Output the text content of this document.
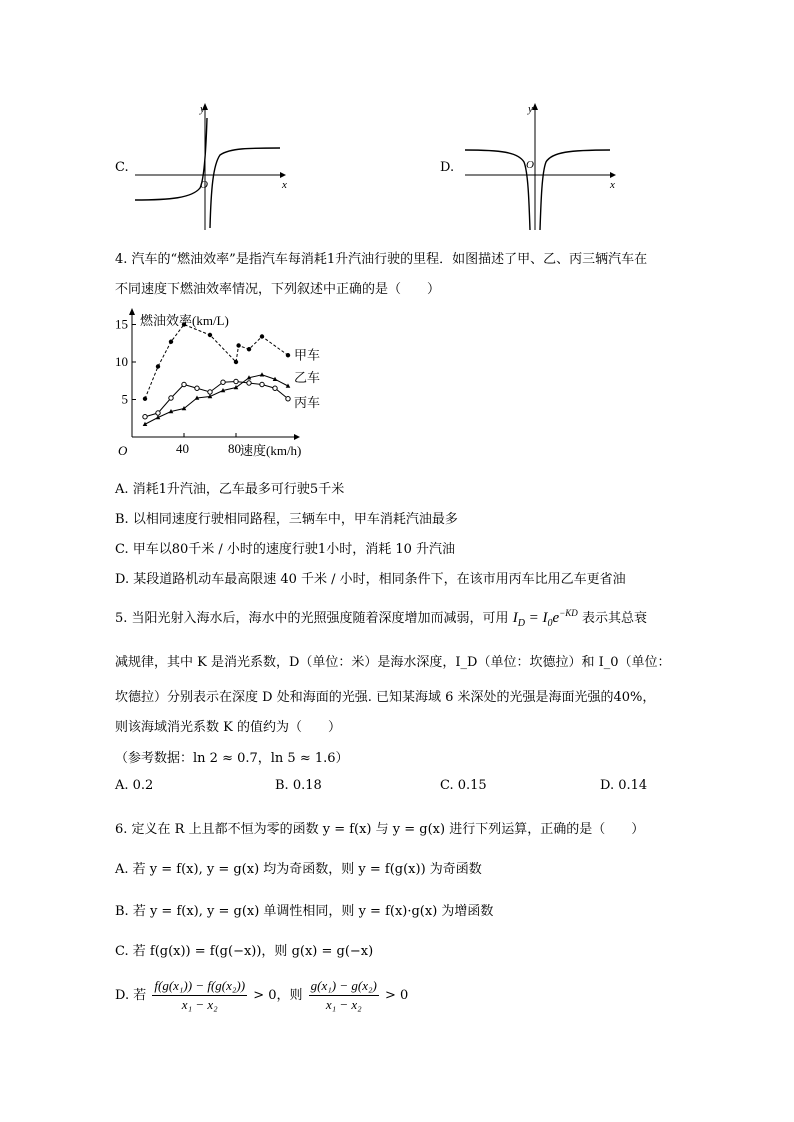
C.
y
x
O
D.
y
x
O
4. 汽车的“燃油效率”是指汽车每消耗1升汽油行驶的里程．如图描述了甲、乙、丙三辆汽车在
不同速度下燃油效率情况，下列叙述中正确的是（　　）
40	80
5
10
15
甲车
乙车
丙车
燃油效率(km/L)
速度(km/h)
O
A. 消耗1升汽油，乙车最多可行驶5千米
B. 以相同速度行驶相同路程，三辆车中，甲车消耗汽油最多
C. 甲车以80千米 / 小时的速度行驶1小时，消耗 10 升汽油
D. 某段道路机动车最高限速 40 千米 / 小时，相同条件下，在该市用丙车比用乙车更省油
5. 当阳光射入海水后，海水中的光照强度随着深度增加而减弱，可用 $I_D = I_0e^{-KD}$ 表示其总衰
减规律，其中 K 是消光系数，D（单位：米）是海水深度，I_D（单位：坎德拉）和 I_0（单位：
坎德拉）分别表示在深度 D 处和海面的光强. 已知某海域 6 米深处的光强是海面光强的40%，
则该海域消光系数 K 的值约为（　　）
（参考数据：ln 2 ≈ 0.7，ln 5 ≈ 1.6）
A. 0.2	B. 0.18	C. 0.15	D. 0.14
6. 定义在 R 上且都不恒为零的函数 y = f(x) 与 y = g(x) 进行下列运算，正确的是（　　）
A. 若 y = f(x), y = g(x) 均为奇函数，则 y = f(g(x)) 为奇函数
B. 若 y = f(x), y = g(x) 单调性相同，则 y = f(x)·g(x) 为增函数
C. 若 f(g(x)) = f(g(−x))，则 g(x) = g(−x)
D. 若 $\frac{\text{f(g(x₁)) − f(g(x₂))}}{\text{x₁ − x₂}} > 0$，则 $\frac{\text{g(x₁) − g(x₂)}}{\text{x₁ − x₂}} > 0$
